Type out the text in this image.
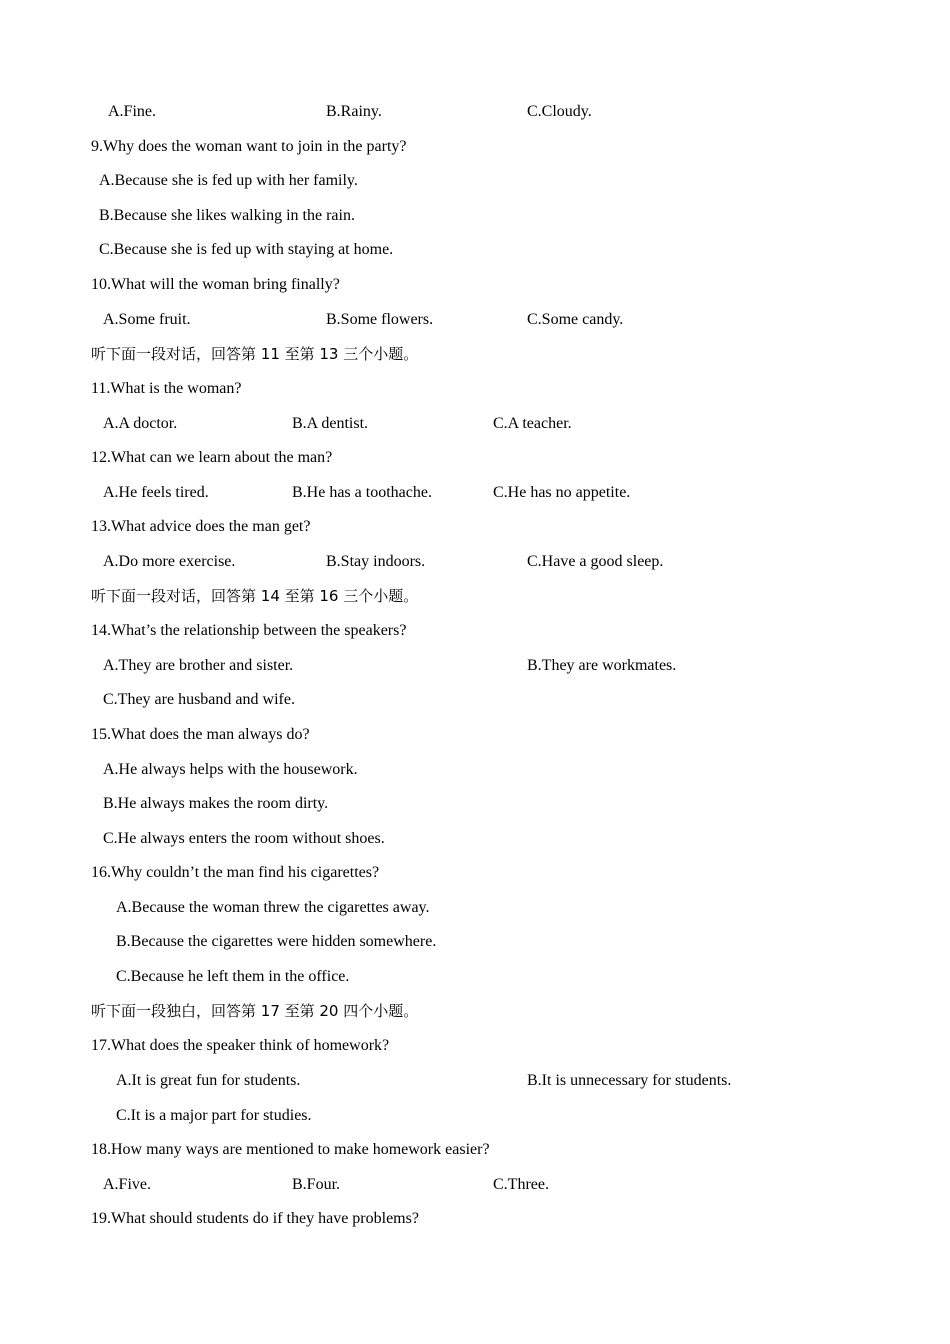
A.Fine.	B.Rainy.	C.Cloudy.
9.Why does the woman want to join in the party?
A.Because she is fed up with her family.
B.Because she likes walking in the rain.
C.Because she is fed up with staying at home.
10.What will the woman bring finally?
A.Some fruit.	B.Some flowers.	C.Some candy.
听下面一段对话，回答第 11 至第 13 三个小题。
11.What is the woman?
A.A doctor.	B.A dentist.	C.A teacher.
12.What can we learn about the man?
A.He feels tired.	B.He has a toothache.	C.He has no appetite.
13.What advice does the man get?
A.Do more exercise.	B.Stay indoors.	C.Have a good sleep.
听下面一段对话，回答第 14 至第 16 三个小题。
14.What’s the relationship between the speakers?
A.They are brother and sister.	B.They are workmates.
C.They are husband and wife.
15.What does the man always do?
A.He always helps with the housework.
B.He always makes the room dirty.
C.He always enters the room without shoes.
16.Why couldn’t the man find his cigarettes?
A.Because the woman threw the cigarettes away.
B.Because the cigarettes were hidden somewhere.
C.Because he left them in the office.
听下面一段独白，回答第 17 至第 20 四个小题。
17.What does the speaker think of homework?
A.It is great fun for students.	B.It is unnecessary for students.
C.It is a major part for studies.
18.How many ways are mentioned to make homework easier?
A.Five.	B.Four.	C.Three.
19.What should students do if they have problems?
